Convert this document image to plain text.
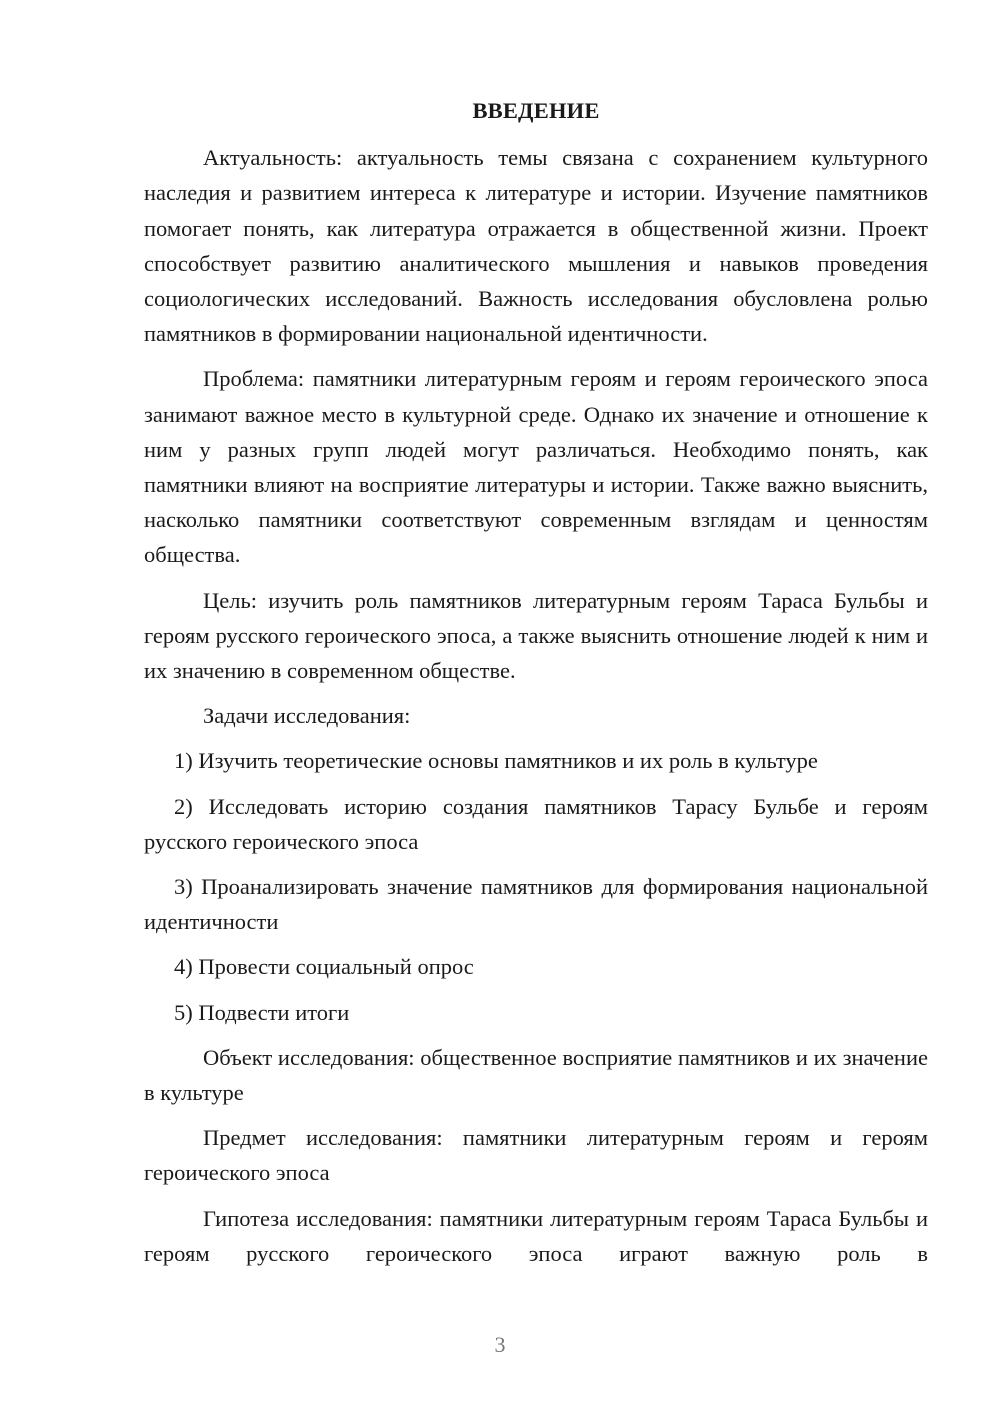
ВВЕДЕНИЕ

Актуальность: актуальность темы связана с сохранением культурного наследия и развитием интереса к литературе и истории. Изучение памятников помогает понять, как литература отражается в общественной жизни. Проект способствует развитию аналитического мышления и навыков проведения социологических исследований. Важность исследования обусловлена ролью памятников в формировании национальной идентичности.

Проблема: памятники литературным героям и героям героического эпоса занимают важное место в культурной среде. Однако их значение и отношение к ним у разных групп людей могут различаться. Необходимо понять, как памятники влияют на восприятие литературы и истории. Также важно выяснить, насколько памятники соответствуют современным взглядам и ценностям общества.

Цель: изучить роль памятников литературным героям Тараса Бульбы и героям русского героического эпоса, а также выяснить отношение людей к ним и их значению в современном обществе.

Задачи исследования:

1) Изучить теоретические основы памятников и их роль в культуре

2) Исследовать историю создания памятников Тарасу Бульбе и героям русского героического эпоса

3) Проанализировать значение памятников для формирования национальной идентичности

4) Провести социальный опрос

5) Подвести итоги

Объект исследования: общественное восприятие памятников и их значение в культуре

Предмет исследования: памятники литературным героям и героям героического эпоса

Гипотеза исследования: памятники литературным героям Тараса Бульбы и героям русского героического эпоса играют важную роль в

3
